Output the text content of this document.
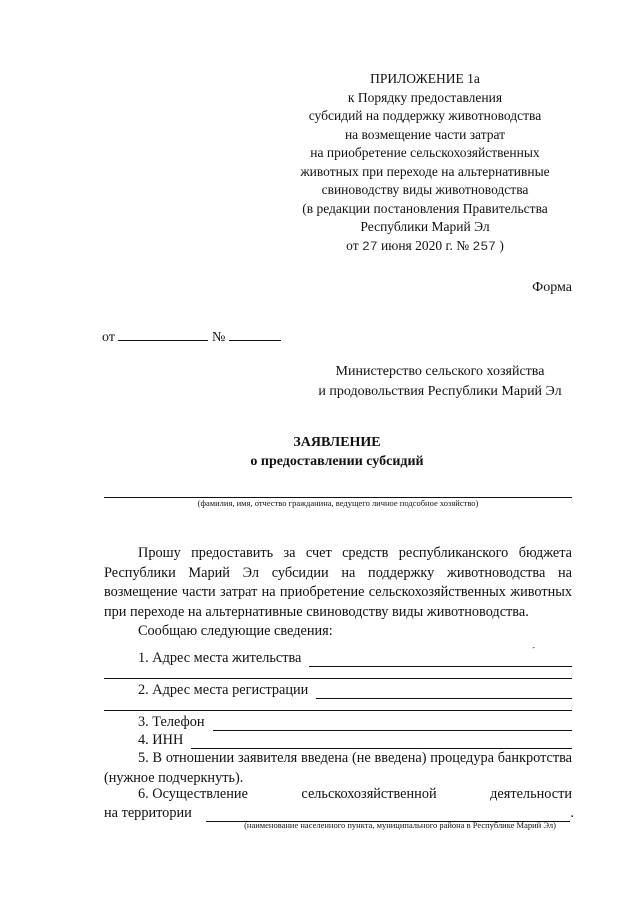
ПРИЛОЖЕНИЕ 1а
к Порядку предоставления
субсидий на поддержку животноводства
на возмещение части затрат
на приобретение сельскохозяйственных
животных при переходе на альтернативные
свиноводству виды животноводства
(в редакции постановления Правительства
Республики Марий Эл
от 27 июня 2020 г. № 257 )
Форма
от	№
Министерство сельского хозяйства
и продовольствия Республики Марий Эл
ЗАЯВЛЕНИЕ
о предоставлении субсидий
(фамилия, имя, отчество гражданина, ведущего личное подсобное хозяйство)
Прошу предоставить за счет средств республиканского бюджета Республики Марий Эл субсидии на поддержку животноводства на возмещение части затрат на приобретение сельскохозяйственных животных при переходе на альтернативные свиноводству виды животноводства.
Сообщаю следующие сведения:
ˊ
1. Адрес места жительства
2. Адрес места регистрации
3. Телефон
4. ИНН
5. В отношении заявителя введена (не введена) процедура банкротства (нужное подчеркнуть).
6. Осуществление	сельскохозяйственной	деятельности
на территории	.
(наименование населенного пункта, муниципального района в Республике Марий Эл)
